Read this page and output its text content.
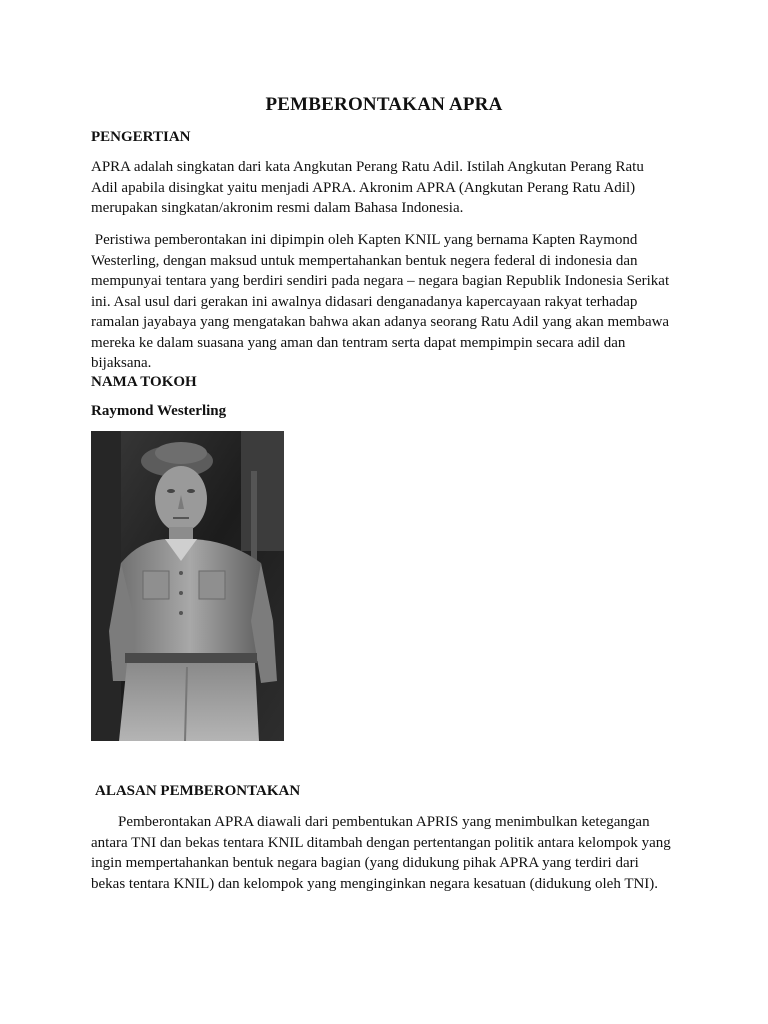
PEMBERONTAKAN APRA
PENGERTIAN

APRA adalah singkatan dari kata Angkutan Perang Ratu Adil. Istilah Angkutan Perang Ratu
Adil apabila disingkat yaitu menjadi APRA. Akronim APRA (Angkutan Perang Ratu Adil)
merupakan singkatan/akronim resmi dalam Bahasa Indonesia.

Peristiwa pemberontakan ini dipimpin oleh Kapten KNIL yang bernama Kapten Raymond
Westerling, dengan maksud untuk mempertahankan bentuk negera federal di indonesia dan
mempunyai tentara yang berdiri sendiri pada negara – negara bagian Republik Indonesia Serikat
ini. Asal usul dari gerakan ini awalnya didasari denganadanya kapercayaan rakyat terhadap
ramalan jayabaya yang mengatakan bahwa akan adanya seorang Ratu Adil yang akan membawa
mereka ke dalam suasana yang aman dan tentram serta dapat mempimpin secara adil dan
bijaksana.

NAMA TOKOH
Raymond Westerling
ALASAN PEMBERONTAKAN

Pemberontakan APRA diawali dari pembentukan APRIS yang menimbulkan ketegangan
antara TNI dan bekas tentara KNIL ditambah dengan pertentangan politik antara kelompok yang
ingin mempertahankan bentuk negara bagian (yang didukung pihak APRA yang terdiri dari
bekas tentara KNIL) dan kelompok yang menginginkan negara kesatuan (didukung oleh TNI).
